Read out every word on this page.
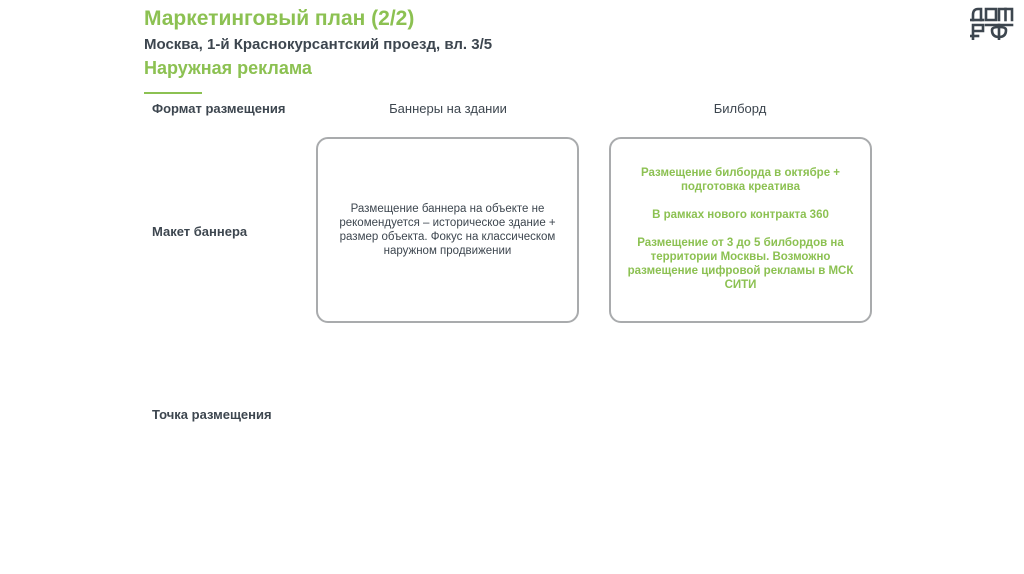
Маркетинговый план (2/2)
Москва, 1-й Краснокурсантский проезд, вл. 3/5
Наружная реклама
Формат размещения	Баннеры на здании	Билборд
Макет баннера
Размещение баннера на объекте не рекомендуется – историческое здание + размер объекта. Фокус на классическом наружном продвижении

Размещение билборда в октябре + подготовка креатива

В рамках нового контракта 360

Размещение от 3 до 5 билбордов на территории Москвы. Возможно размещение цифровой рекламы в МСК СИТИ

Точка размещения
